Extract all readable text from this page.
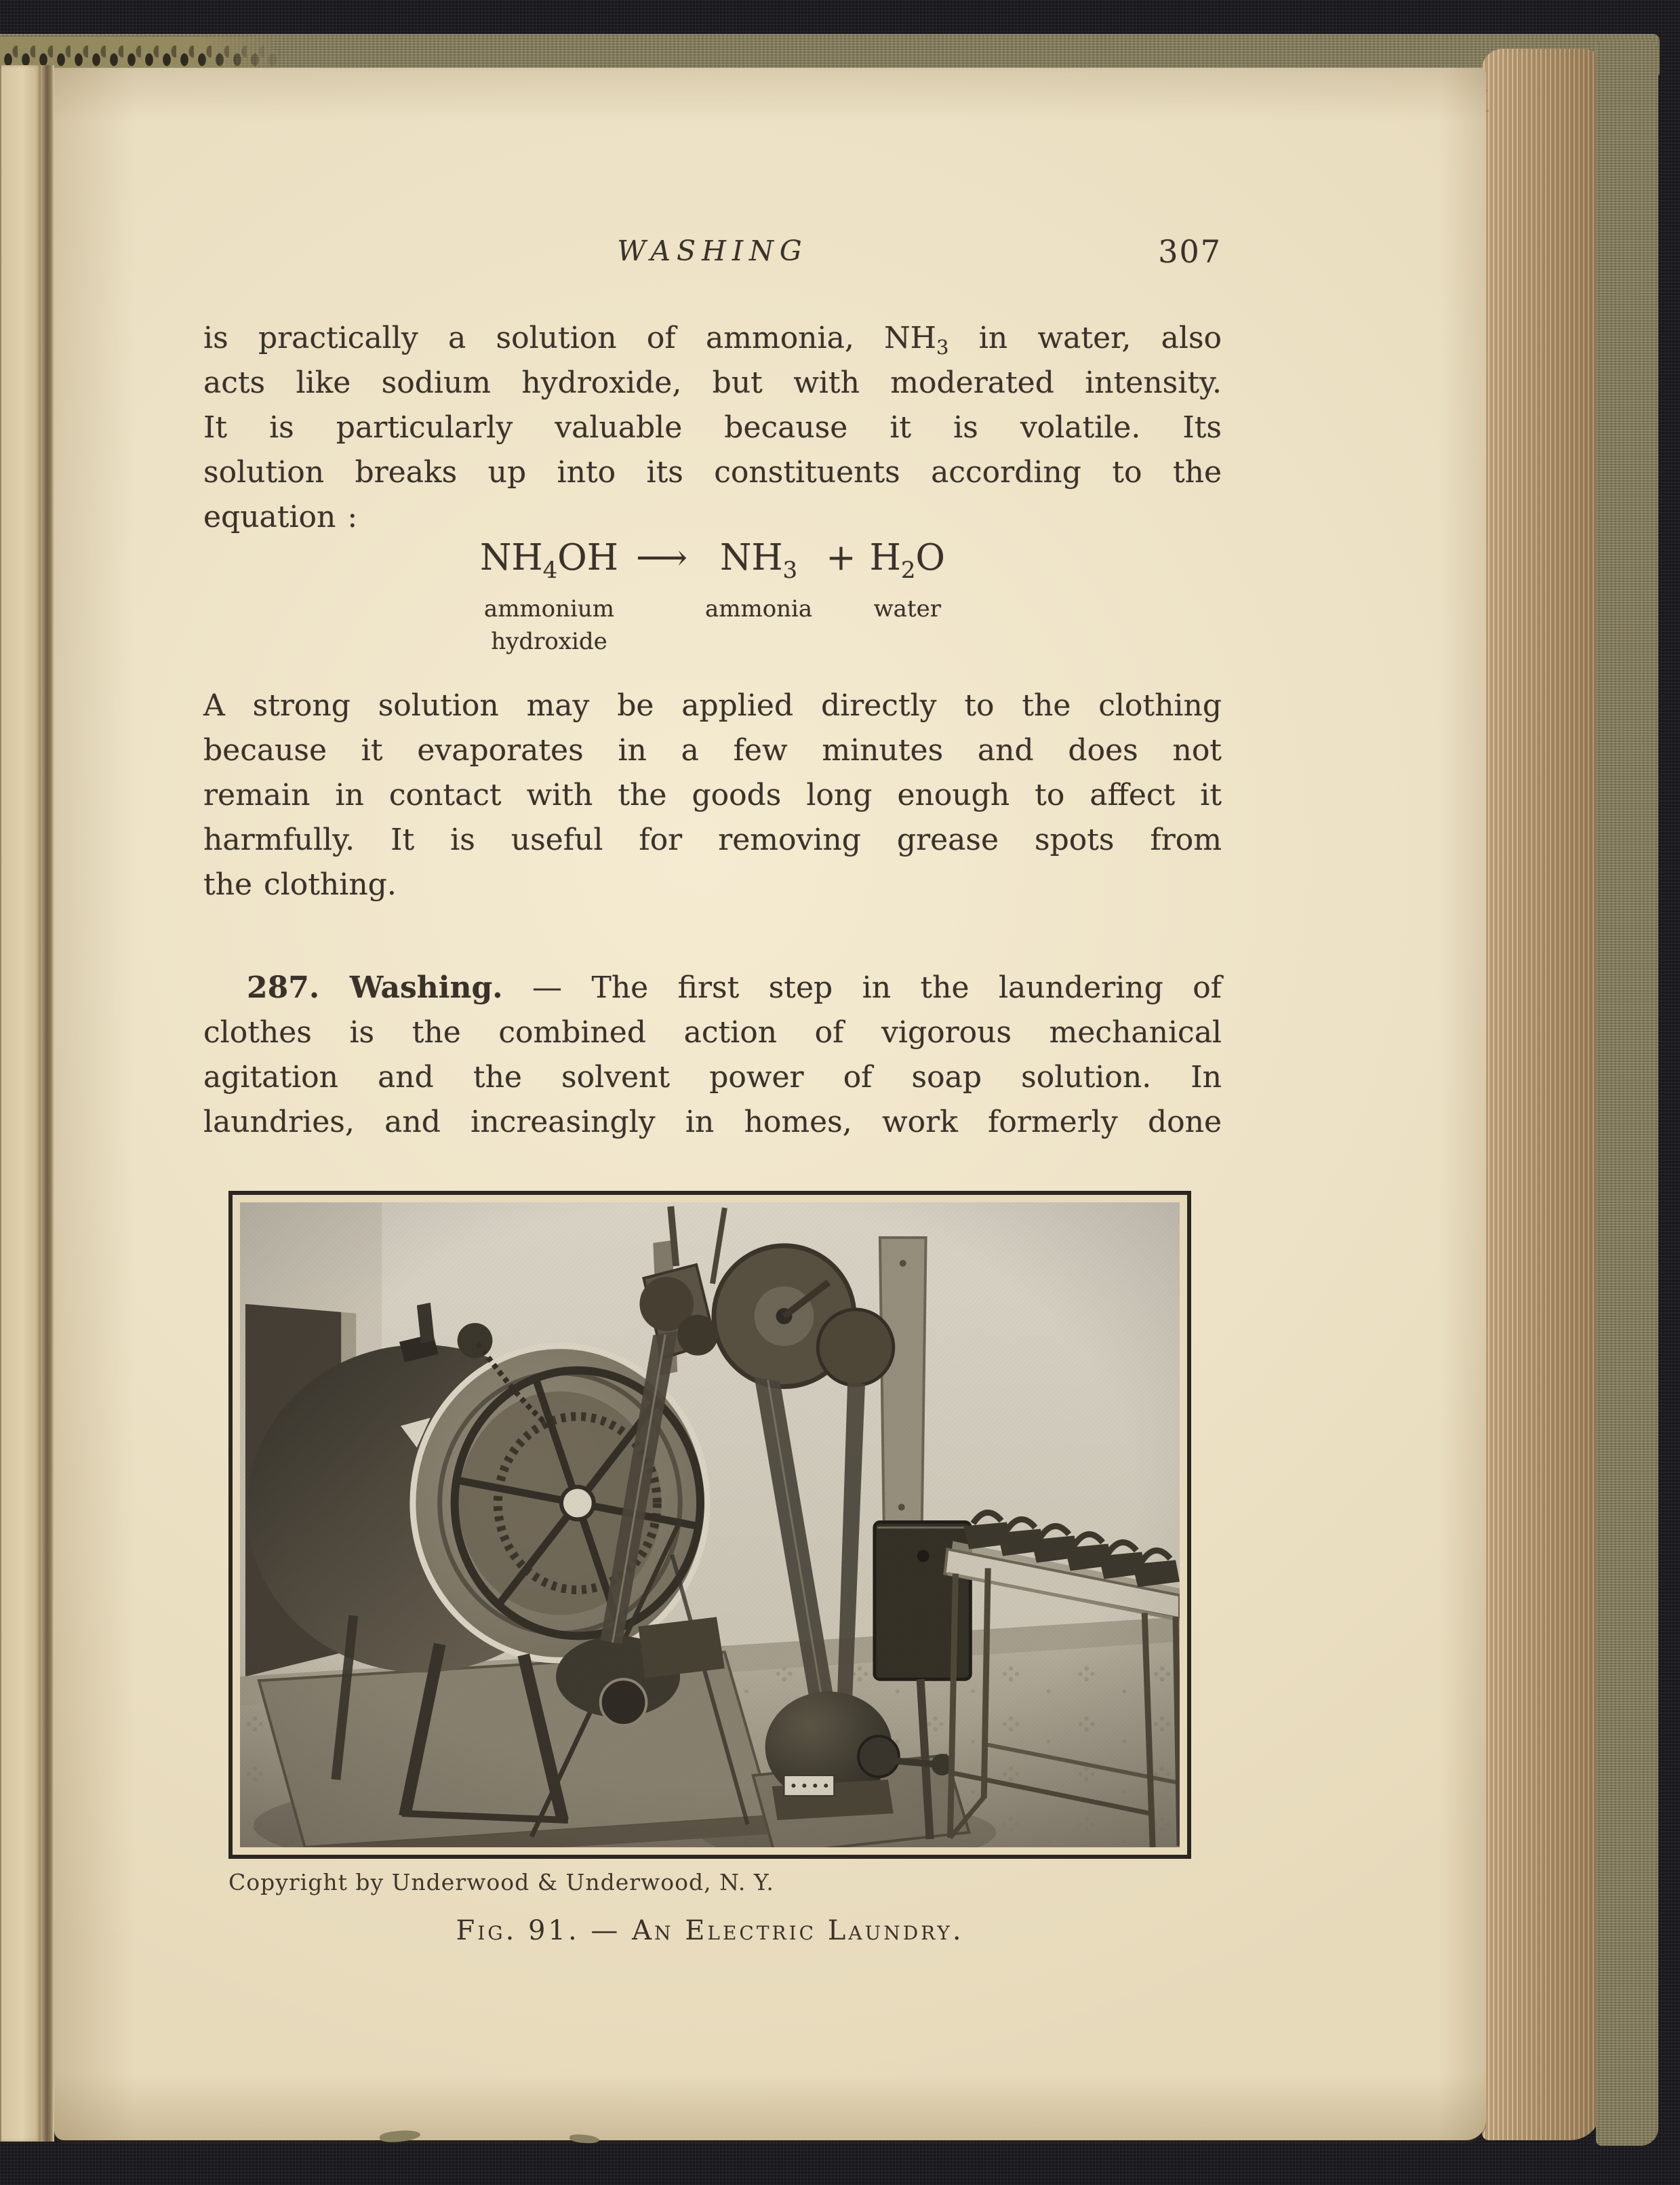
WASHING	307
is practically a solution of ammonia, $NH_3$ in water, also
acts like sodium hydroxide, but with moderated intensity.
It is particularly valuable because it is volatile. Its
solution breaks up into its constituents according to the
equation :
$NH_4OH$
ammonium
hydroxide
⟶ $NH_3$
ammonia
+ $H_2O$
water
A strong solution may be applied directly to the clothing
because it evaporates in a few minutes and does not
remain in contact with the goods long enough to affect it
harmfully. It is useful for removing grease spots from
the clothing.
287. Washing. — The first step in the laundering of
clothes is the combined action of vigorous mechanical
agitation and the solvent power of soap solution. In
laundries, and increasingly in homes, work formerly done
Copyright by Underwood & Underwood, N. Y.
Fig. 91. — An Electric Laundry.
